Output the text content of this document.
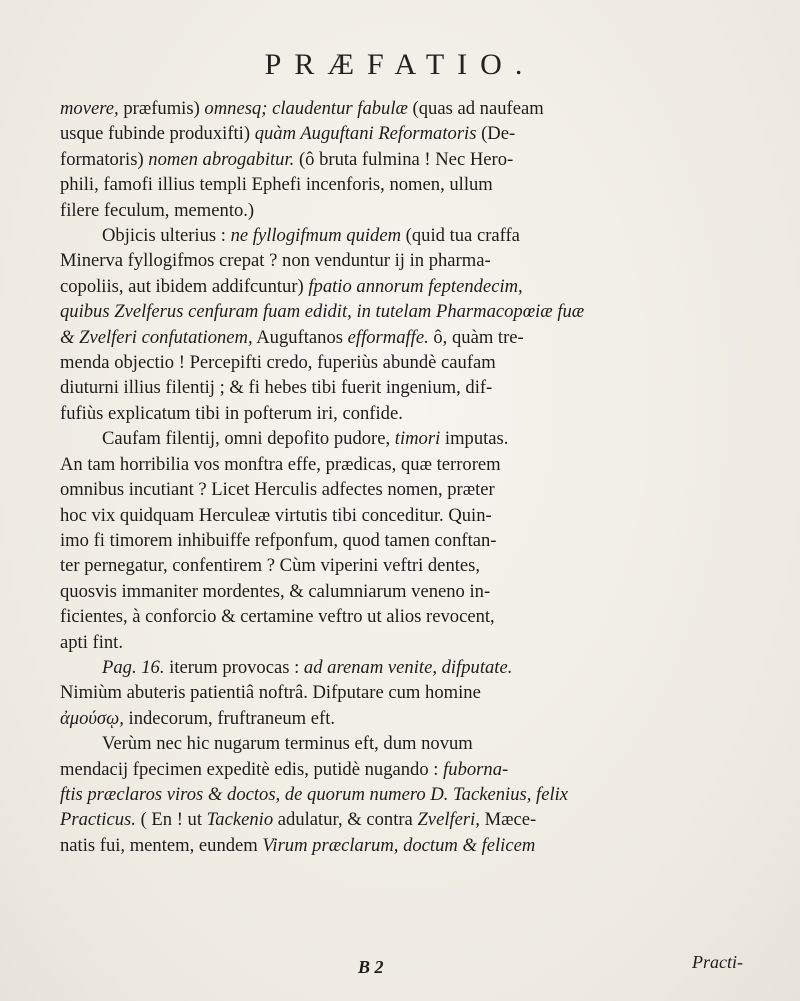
PRÆFATIO.

movere, præfumis) omnesq; claudentur fabulæ (quas ad naufeam

usque fubinde produxifti) quàm Auguftani Reformatoris (De-

formatoris) nomen abrogabitur. (ô bruta fulmina ! Nec Hero-

phili, famofi illius templi Ephefi incenforis, nomen, ullum

filere feculum, memento.)

Objicis ulterius : ne fyllogifmum quidem (quid tua craffa

Minerva fyllogifmos crepat ? non venduntur ij in pharma-

copoliis, aut ibidem addifcuntur) fpatio annorum feptendecim,

quibus Zvelferus cenfuram fuam edidit, in tutelam Pharmacopœiæ fuæ

& Zvelferi confutationem, Auguftanos efformaffe. ô, quàm tre-

menda objectio ! Percepifti credo, fuperiùs abundè caufam

diuturni illius filentij ; & fi hebes tibi fuerit ingenium, dif-

fufiùs explicatum tibi in pofterum iri, confide.

Caufam filentij, omni depofito pudore, timori imputas.

An tam horribilia vos monftra effe, prædicas, quæ terrorem

omnibus incutiant ? Licet Herculis adfectes nomen, præter

hoc vix quidquam Herculeæ virtutis tibi conceditur. Quin-

imo fi timorem inhibuiffe refponfum, quod tamen conftan-

ter pernegatur, confentirem ? Cùm viperini veftri dentes,

quosvis immaniter mordentes, & calumniarum veneno in-

ficientes, à conforcio & certamine veftro ut alios revocent,

apti fint.

Pag. 16. iterum provocas : ad arenam venite, difputate.

Nimiùm abuteris patientiâ noftrâ. Difputare cum homine

ἀμούσῳ, indecorum, fruftraneum eft.

Verùm nec hic nugarum terminus eft, dum novum

mendacij fpecimen expeditè edis, putidè nugando : fuborna-

ftis præclaros viros & doctos, de quorum numero D. Tackenius, felix

Practicus. ( En ! ut Tackenio adulatur, & contra Zvelferi, Mæce-

natis fui, mentem, eundem Virum præclarum, doctum & felicem

B 2	Practi-
